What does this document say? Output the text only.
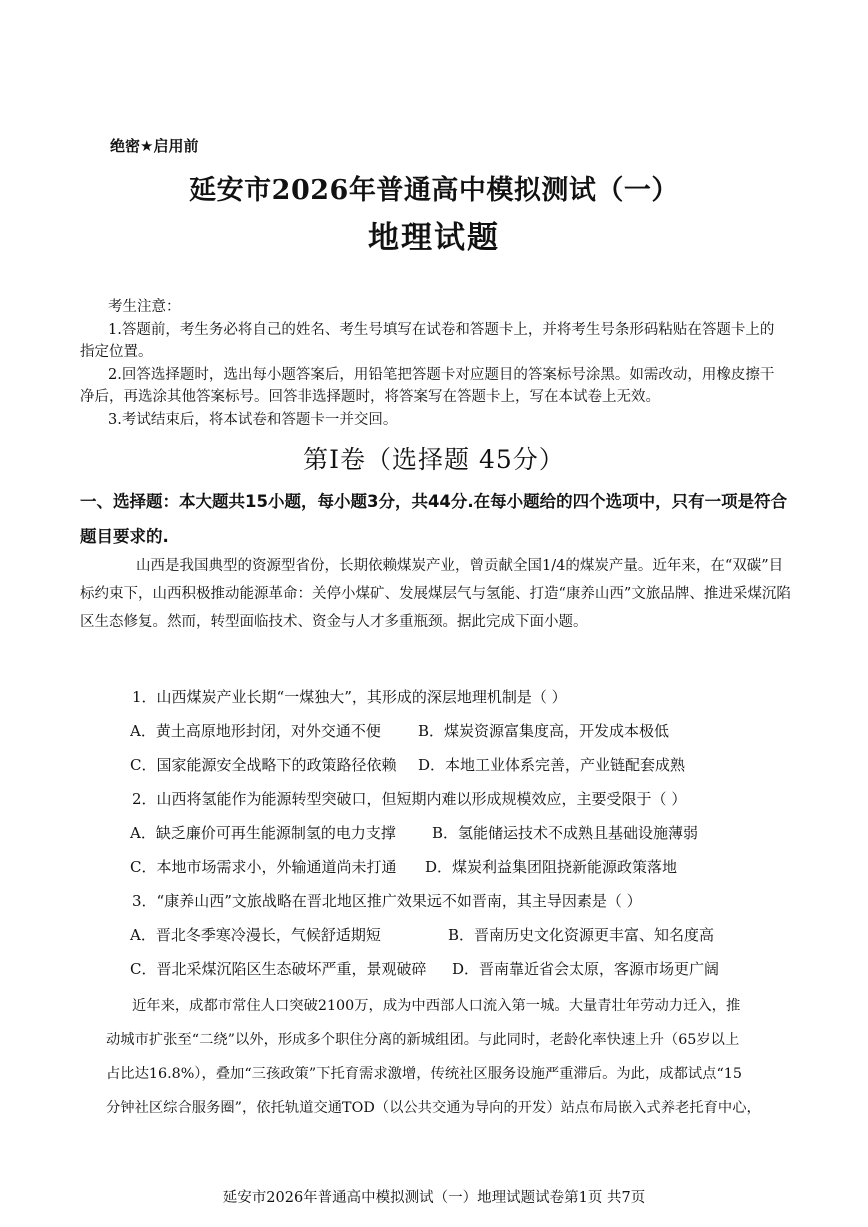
绝密★启用前
延安市2026年普通高中模拟测试（一）
地理试题

考生注意：

1.答题前，考生务必将自己的姓名、考生号填写在试卷和答题卡上，并将考生号条形码粘贴在答题卡上的指定位置。

2.回答选择题时，选出每小题答案后，用铅笔把答题卡对应题目的答案标号涂黑。如需改动，用橡皮擦干净后，再选涂其他答案标号。回答非选择题时，将答案写在答题卡上，写在本试卷上无效。

3.考试结束后，将本试卷和答题卡一并交回。

第Ⅰ卷（选择题 45分）
一、选择题：本大题共15小题，每小题3分，共44分.在每小题给的四个选项中，只有一项是符合题目要求的.

山西是我国典型的资源型省份，长期依赖煤炭产业，曾贡献全国1/4的煤炭产量。近年来，在“双碳”目标约束下，山西积极推动能源革命：关停小煤矿、发展煤层气与氢能、打造“康养山西”文旅品牌、推进采煤沉陷区生态修复。然而，转型面临技术、资金与人才多重瓶颈。据此完成下面小题。

1．山西煤炭产业长期“一煤独大”，其形成的深层地理机制是（ ）
A．黄土高原地形封闭，对外交通不便 B．煤炭资源富集度高，开发成本极低
C．国家能源安全战略下的政策路径依赖 D．本地工业体系完善，产业链配套成熟
2．山西将氢能作为能源转型突破口，但短期内难以形成规模效应，主要受限于（ ）
A．缺乏廉价可再生能源制氢的电力支撑 B．氢能储运技术不成熟且基础设施薄弱
C．本地市场需求小，外输通道尚未打通 D．煤炭利益集团阻挠新能源政策落地
3．“康养山西”文旅战略在晋北地区推广效果远不如晋南，其主导因素是（ ）
A．晋北冬季寒冷漫长，气候舒适期短	B．晋南历史文化资源更丰富、知名度高
C．晋北采煤沉陷区生态破坏严重，景观破碎 D．晋南靠近省会太原，客源市场更广阔
近年来，成都市常住人口突破2100万，成为中西部人口流入第一城。大量青壮年劳动力迁入，推
动城市扩张至“二绕”以外，形成多个职住分离的新城组团。与此同时，老龄化率快速上升（65岁以上
占比达16.8%），叠加“三孩政策”下托育需求激增，传统社区服务设施严重滞后。为此，成都试点“15
分钟社区综合服务圈”，依托轨道交通TOD（以公共交通为导向的开发）站点布局嵌入式养老托育中心，
延安市2026年普通高中模拟测试（一）地理试题试卷第1页 共7页
